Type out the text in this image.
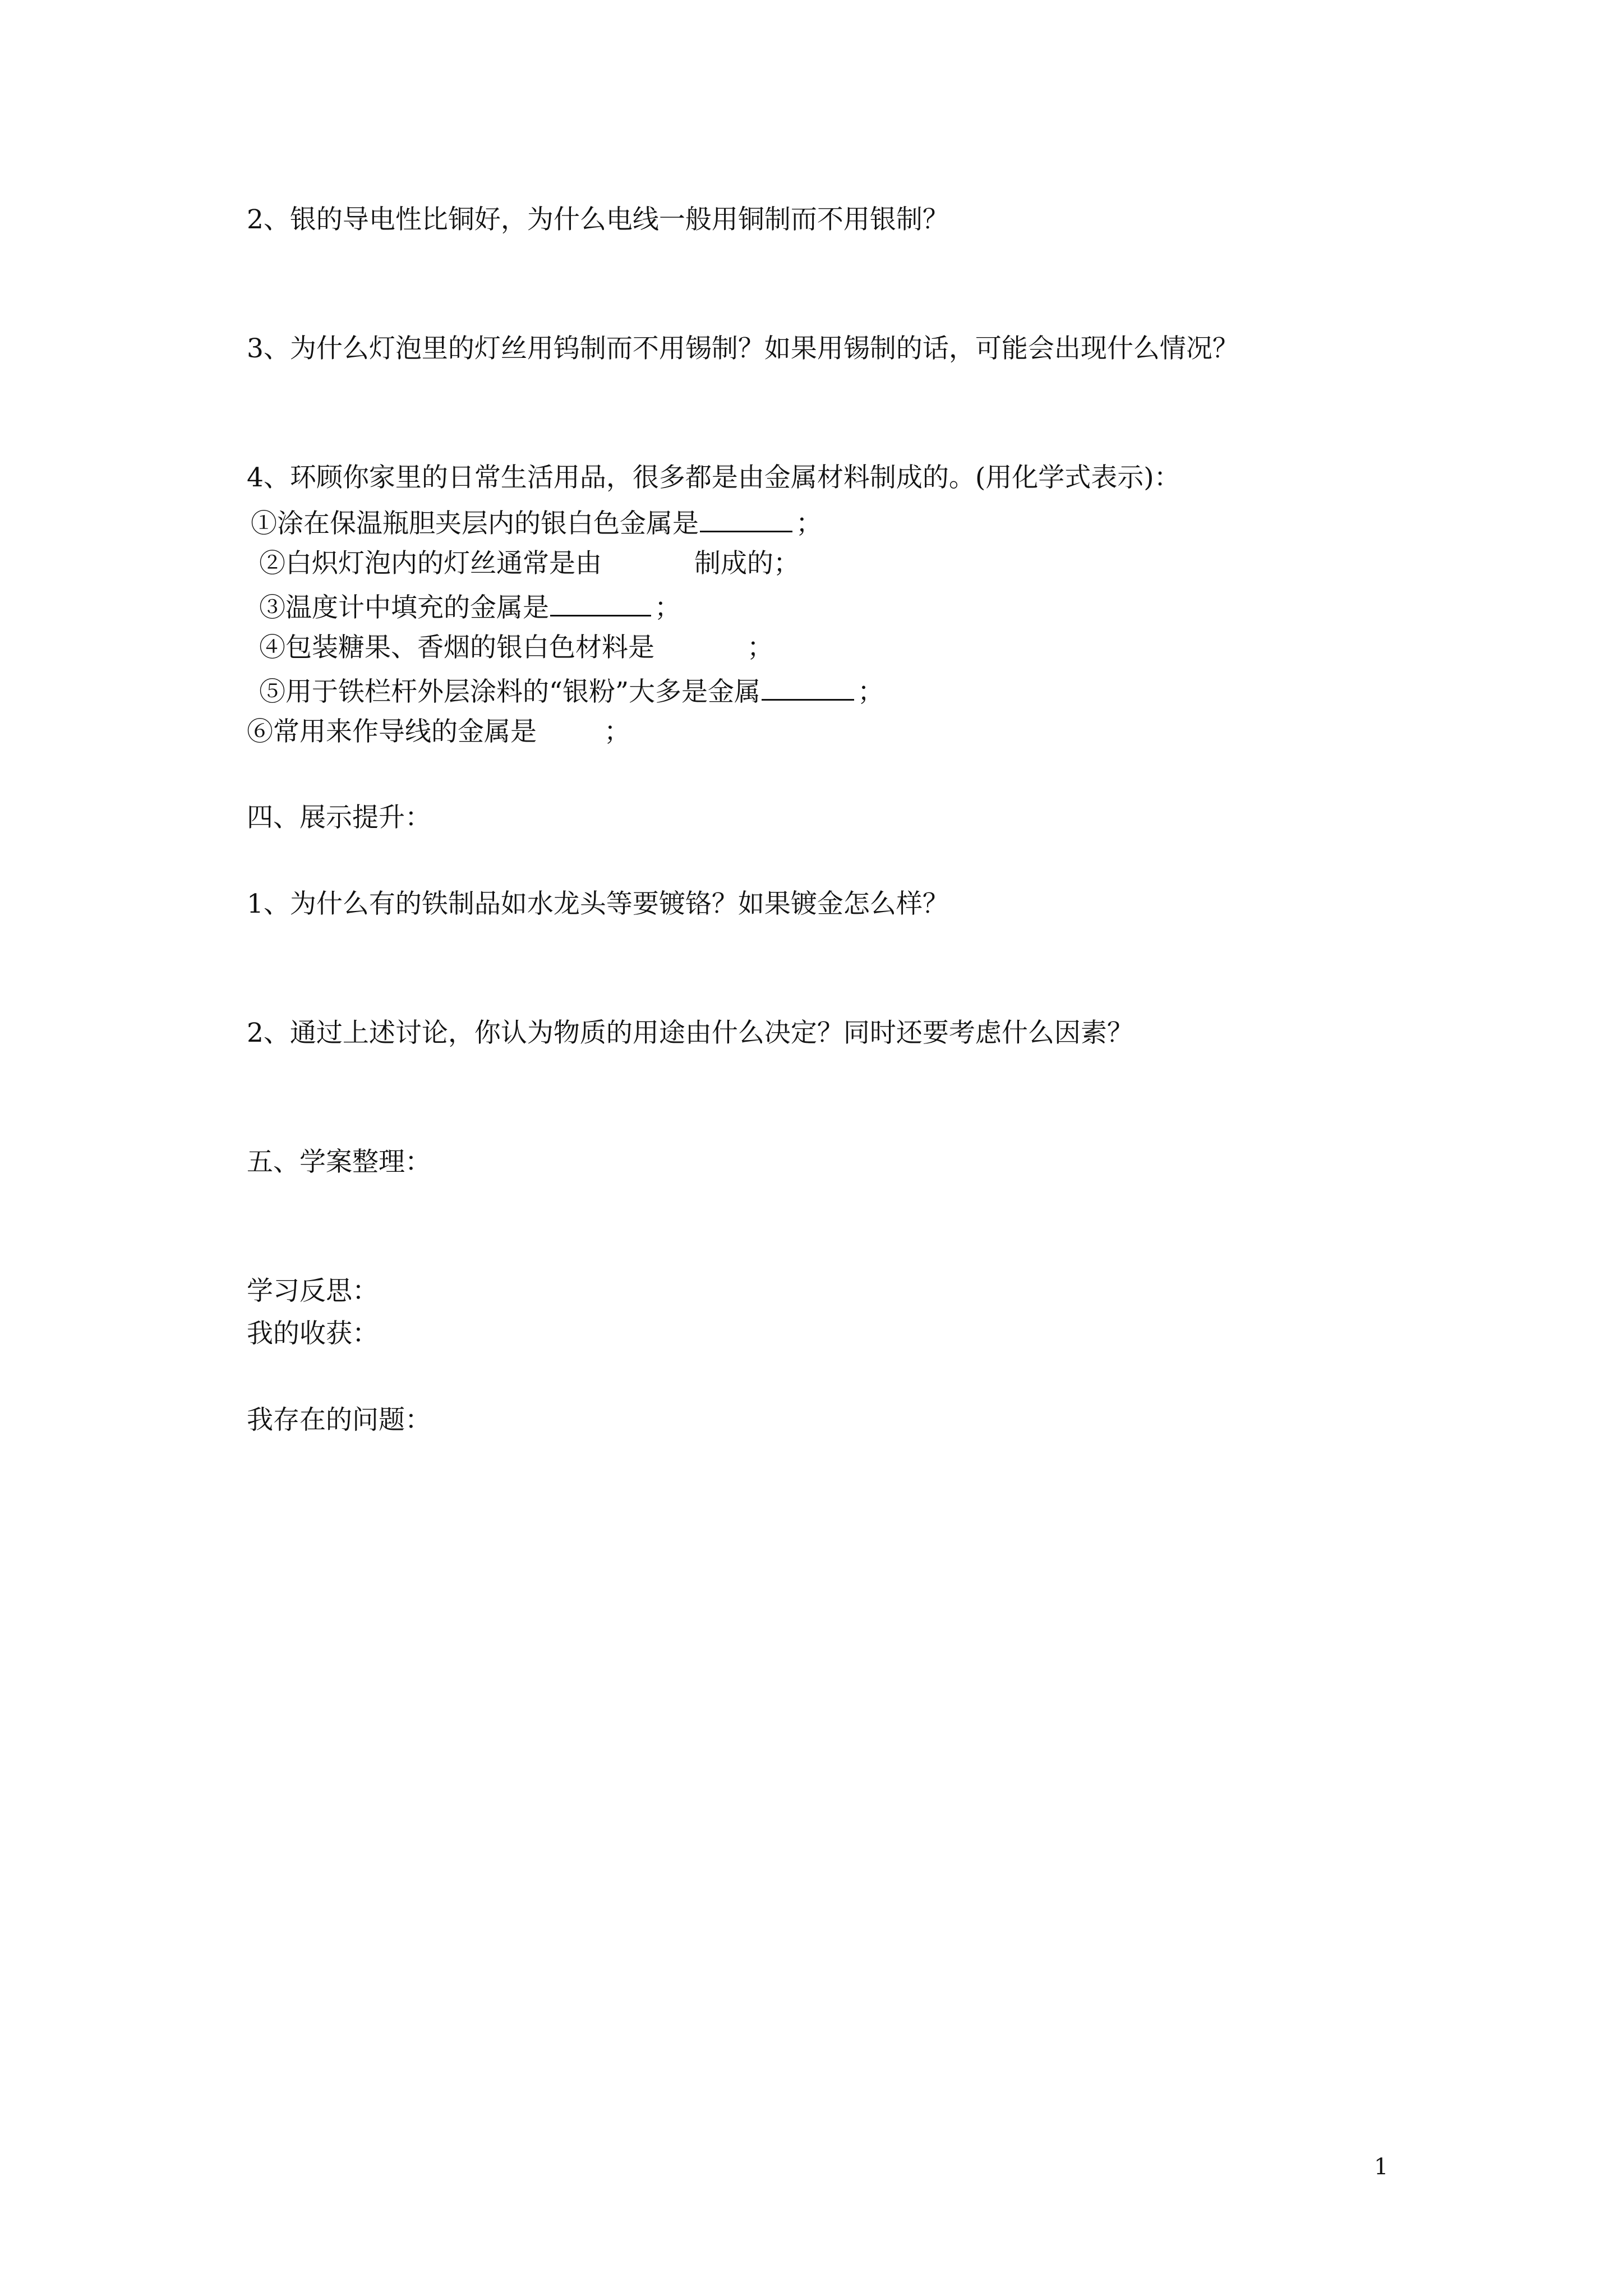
2、银的导电性比铜好，为什么电线一般用铜制而不用银制？

3、为什么灯泡里的灯丝用钨制而不用锡制？如果用锡制的话，可能会出现什么情况？

4、环顾你家里的日常生活用品，很多都是由金属材料制成的。(用化学式表示)：

①涂在保温瓶胆夹层内的银白色金属是	；

②白炽灯泡内的灯丝通常是由	制成的；

③温度计中填充的金属是	；

④包装糖果、香烟的银白色材料是	；

⑤用于铁栏杆外层涂料的“银粉”大多是金属	；

⑥常用来作导线的金属是	；

四、展示提升：

1、为什么有的铁制品如水龙头等要镀铬？如果镀金怎么样？

2、通过上述讨论，你认为物质的用途由什么决定？同时还要考虑什么因素？

五、学案整理：

学习反思：

我的收获：

我存在的问题：

1
